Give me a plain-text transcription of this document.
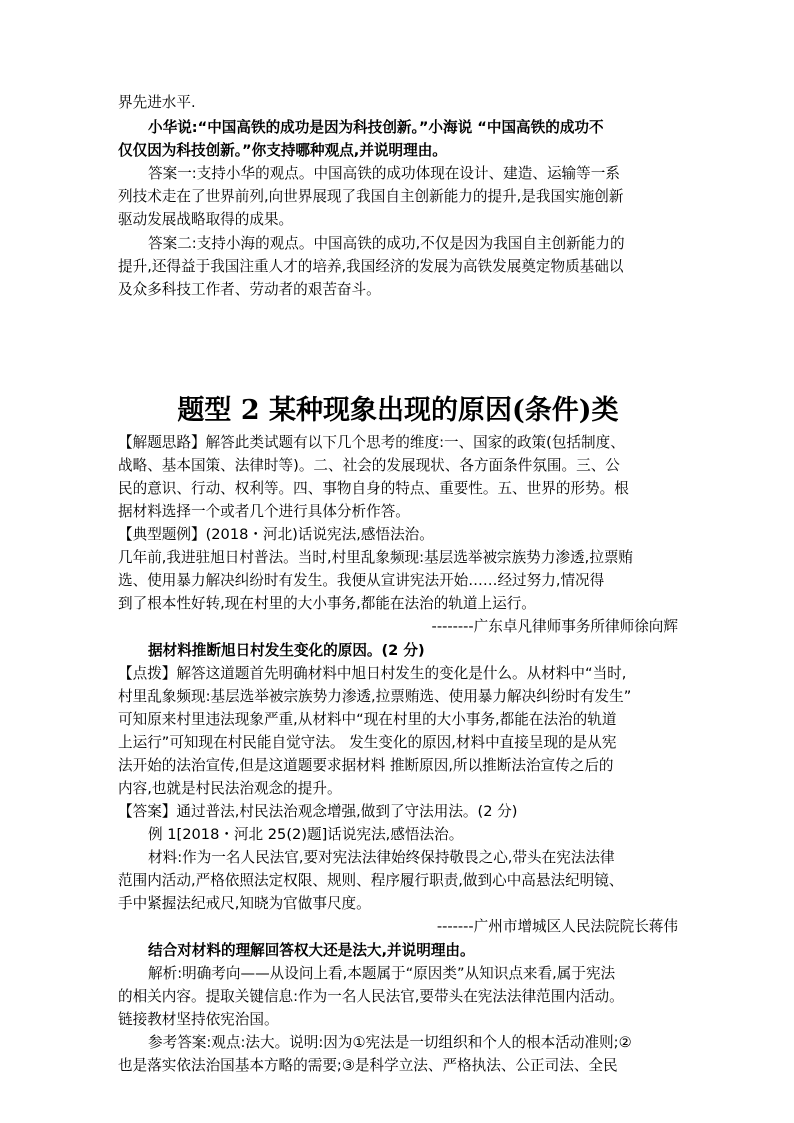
界先进水平.
小华说:“中国高铁的成功是因为科技创新。”小海说 “中国高铁的成功不
仅仅因为科技创新。”你支持哪种观点,并说明理由。
答案一:支持小华的观点。中国高铁的成功体现在设计、建造、运输等一系
列技术走在了世界前列,向世界展现了我国自主创新能力的提升,是我国实施创新
驱动发展战略取得的成果。
答案二:支持小海的观点。中国高铁的成功,不仅是因为我国自主创新能力的
提升,还得益于我国注重人才的培养,我国经济的发展为高铁发展奠定物质基础以
及众多科技工作者、劳动者的艰苦奋斗。
题型 2 某种现象出现的原因(条件)类
【解题思路】解答此类试题有以下几个思考的维度:一、国家的政策(包括制度、
战略、基本国策、法律时等)。二、社会的发展现状、各方面条件氛围。三、公
民的意识、行动、权利等。四、事物自身的特点、重要性。五、世界的形势。根
据材料选择一个或者几个进行具体分析作答。
【典型题例】(2018・河北)话说宪法,感悟法治。
几年前,我进驻旭日村普法。当时,村里乱象频现:基层选举被宗族势力渗透,拉票贿
选、使用暴力解决纠纷时有发生。我便从宣讲宪法开始……经过努力,情况得
到了根本性好转,现在村里的大小事务,都能在法治的轨道上运行。
--------广东卓凡律师事务所律师徐向辉
据材料推断旭日村发生变化的原因。(2 分)
【点拨】解答这道题首先明确材料中旭日村发生的变化是什么。从材料中“当时,
村里乱象频现:基层选举被宗族势力渗透,拉票贿选、使用暴力解决纠纷时有发生”
可知原来村里违法现象严重,从材料中“现在村里的大小事务,都能在法治的轨道
上运行”可知现在村民能自觉守法。 发生变化的原因,材料中直接呈现的是从宪
法开始的法治宣传,但是这道题要求据材料 推断原因,所以推断法治宣传之后的
内容,也就是村民法治观念的提升。
【答案】通过普法,村民法治观念增强,做到了守法用法。(2 分)
例 1[2018・河北 25(2)题]话说宪法,感悟法治。
材料:作为一名人民法官,要对宪法法律始终保持敬畏之心,带头在宪法法律
范围内活动,严格依照法定权限、规则、程序履行职责,做到心中高悬法纪明镜、
手中紧握法纪戒尺,知晓为官做事尺度。
-------广州市增城区人民法院院长蒋伟
结合对材料的理解回答权大还是法大,并说明理由。
解析:明确考向——从设问上看,本题属于“原因类”从知识点来看,属于宪法
的相关内容。提取关键信息:作为一名人民法官,要带头在宪法法律范围内活动。
链接教材坚持依宪治国。
参考答案:观点:法大。说明:因为①宪法是一切组织和个人的根本活动准则;②
也是落实依法治国基本方略的需要;③是科学立法、严格执法、公正司法、全民
